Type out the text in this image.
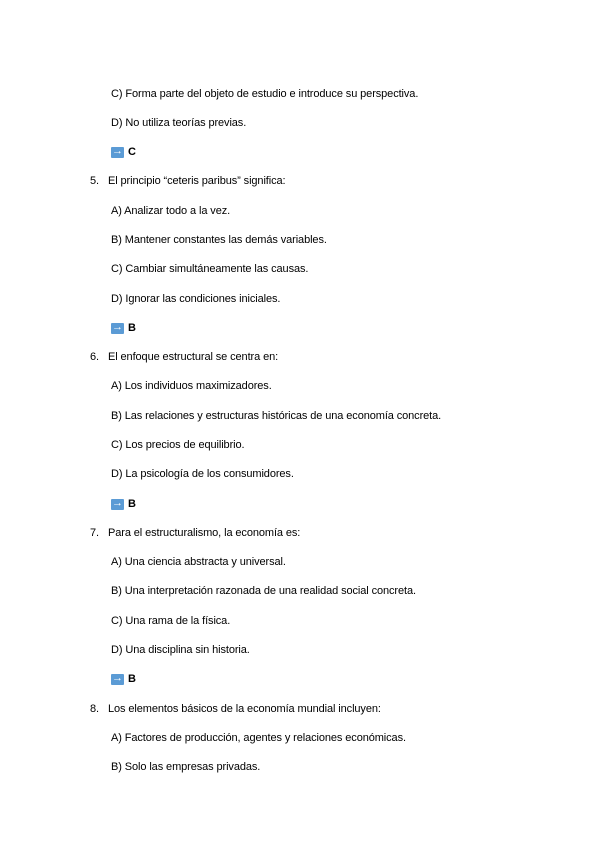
C) Forma parte del objeto de estudio e introduce su perspectiva.
D) No utiliza teorías previas.
→
C
5. El principio “ceteris paribus” significa:
A) Analizar todo a la vez.
B) Mantener constantes las demás variables.
C) Cambiar simultáneamente las causas.
D) Ignorar las condiciones iniciales.
→
B
6. El enfoque estructural se centra en:
A) Los individuos maximizadores.
B) Las relaciones y estructuras históricas de una economía concreta.
C) Los precios de equilibrio.
D) La psicología de los consumidores.
→
B
7. Para el estructuralismo, la economía es:
A) Una ciencia abstracta y universal.
B) Una interpretación razonada de una realidad social concreta.
C) Una rama de la física.
D) Una disciplina sin historia.
→
B
8. Los elementos básicos de la economía mundial incluyen:
A) Factores de producción, agentes y relaciones económicas.
B) Solo las empresas privadas.
